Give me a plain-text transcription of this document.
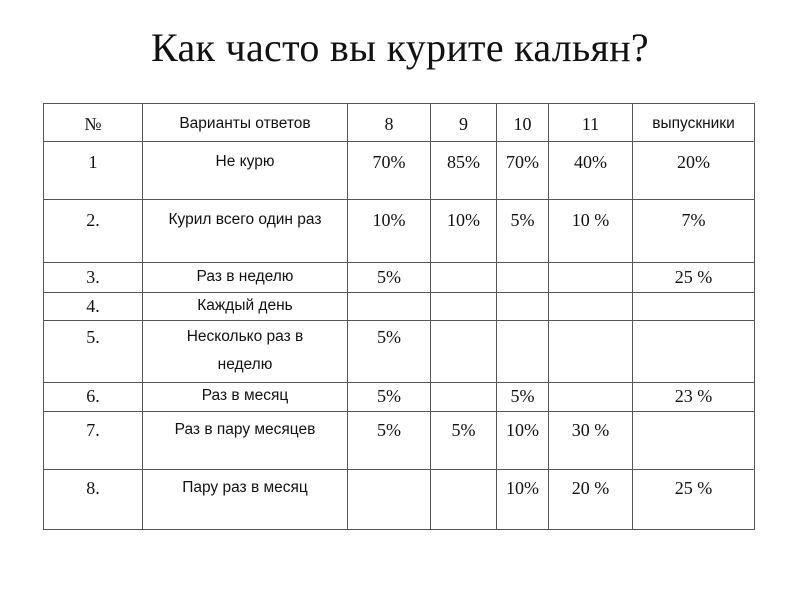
Как часто вы курите кальян?
№	Варианты ответов	8	9	10	11	выпускники

1	Не курю	70%	85%	70%	40%	20%

2.	Курил всего один раз	10%	10%	5%	10 %	7%

3.	Раз в неделю	5%				25 %

4.	Каждый день					

5.	Несколько раз в
неделю	5%				

6.	Раз в месяц	5%		5%		23 %

7.	Раз в пару месяцев	5%	5%	10%	30 %	

8.	Пару раз в месяц			10%	20 %	25 %
